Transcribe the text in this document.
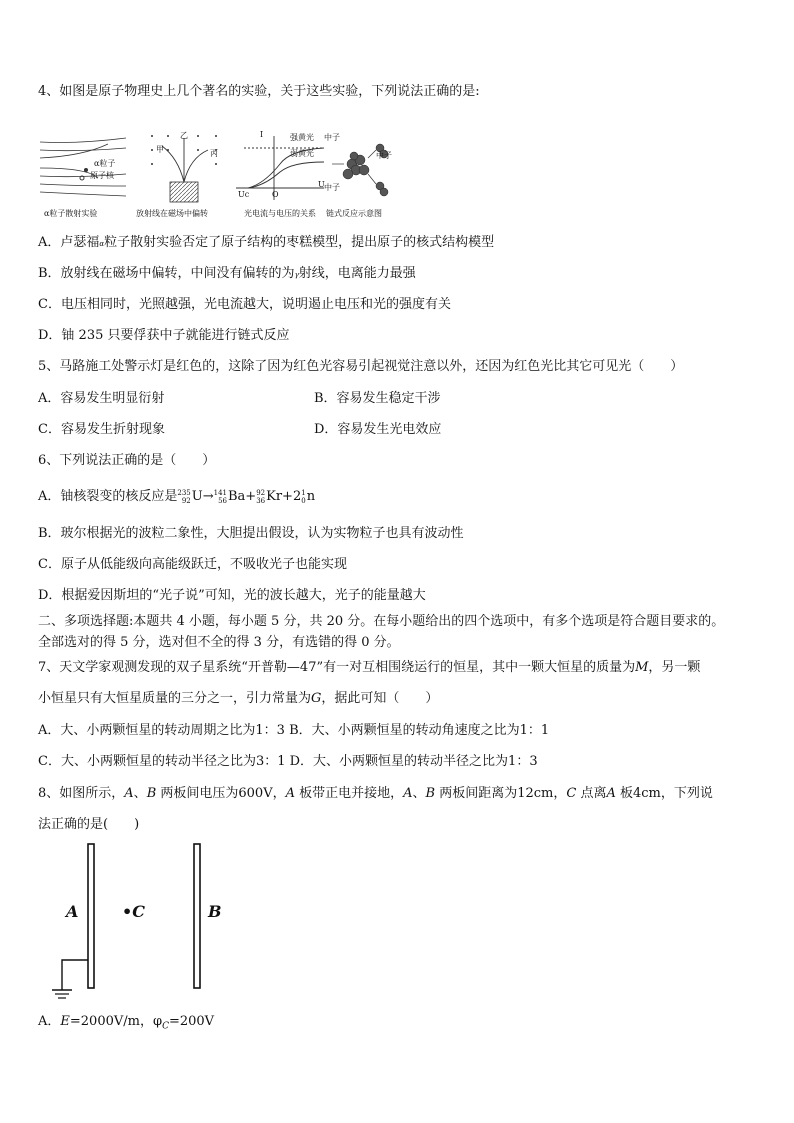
4、如图是原子物理史上几个著名的实验，关于这些实验，下列说法正确的是:
α粒子
原子核
α粒子散射实验
甲
乙
丙
放射线在磁场中偏转
I	强黄光
弱黄光
Uc	O
U
光电流与电压的关系
中子
中子
中子
链式反应示意图
A．卢瑟福α粒子散射实验否定了原子结构的枣糕模型，提出原子的核式结构模型
B．放射线在磁场中偏转，中间没有偏转的为γ射线，电离能力最强
C．电压相同时，光照越强，光电流越大，说明遏止电压和光的强度有关
D．铀 235 只要俘获中子就能进行链式反应
5、马路施工处警示灯是红色的，这除了因为红色光容易引起视觉注意以外，还因为红色光比其它可见光（　　）
A．容易发生明显衍射	B．容易发生稳定干涉
C．容易发生折射现象	D．容易发生光电效应
6、下列说法正确的是（　　）
A．铀核裂变的核反应是235
92U→141
56Ba+92
36Kr+21
0n
B．玻尔根据光的波粒二象性，大胆提出假设，认为实物粒子也具有波动性
C．原子从低能级向高能级跃迁，不吸收光子也能实现
D．根据爱因斯坦的“光子说”可知，光的波长越大，光子的能量越大
二、多项选择题:本题共 4 小题，每小题 5 分，共 20 分。在每小题给出的四个选项中，有多个选项是符合题目要求的。
全部选对的得 5 分，选对但不全的得 3 分，有选错的得 0 分。
7、天文学家观测发现的双子星系统“开普勒—47”有一对互相围绕运行的恒星，其中一颗大恒星的质量为M，另一颗
小恒星只有大恒星质量的三分之一，引力常量为G，据此可知（　　）
A．大、小两颗恒星的转动周期之比为1：3 B．大、小两颗恒星的转动角速度之比为1：1
C．大、小两颗恒星的转动半径之比为3：1 D．大、小两颗恒星的转动半径之比为1：3
8、如图所示，A、B 两板间电压为600V，A 板带正电并接地，A、B 两板间距离为12cm，C 点离A 板4cm，下列说
法正确的是(　　)
A	•C	B
A．E=2000V/m，$\varphi_C=200V$
